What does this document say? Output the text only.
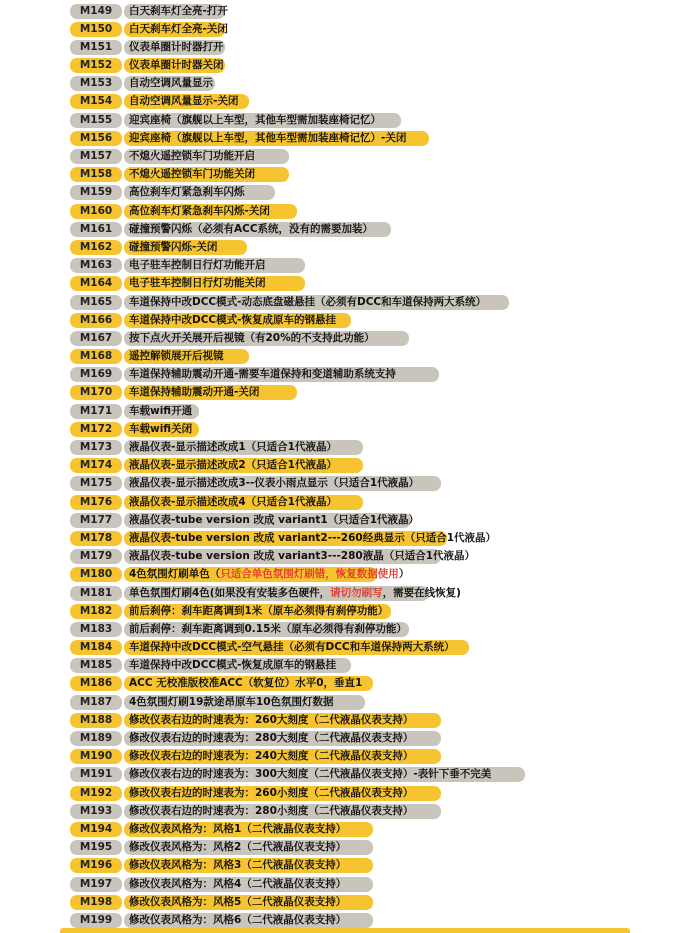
M149	白天刹车灯全亮-打开
M150	白天刹车灯全亮-关闭
M151	仪表单圈计时器打开
M152	仪表单圈计时器关闭
M153	自动空调风量显示
M154	自动空调风量显示-关闭
M155	迎宾座椅（旗舰以上车型，其他车型需加装座椅记忆）
M156	迎宾座椅（旗舰以上车型，其他车型需加装座椅记忆）-关闭
M157	不熄火遥控锁车门功能开启
M158	不熄火遥控锁车门功能关闭
M159	高位刹车灯紧急刹车闪烁
M160	高位刹车灯紧急刹车闪烁-关闭
M161	碰撞预警闪烁（必须有ACC系统，没有的需要加装）
M162	碰撞预警闪烁-关闭
M163	电子驻车控制日行灯功能开启
M164	电子驻车控制日行灯功能关闭
M165	车道保持中改DCC模式-动态底盘磁悬挂（必须有DCC和车道保持两大系统）
M166	车道保持中改DCC模式-恢复成原车的钢悬挂
M167	按下点火开关展开后视镜（有20%的不支持此功能）
M168	遥控解锁展开后视镜
M169	车道保持辅助震动开通-需要车道保持和变道辅助系统支持
M170	车道保持辅助震动开通-关闭
M171	车载wifi开通
M172	车载wifi关闭
M173	液晶仪表-显示描述改成1（只适合1代液晶）
M174	液晶仪表-显示描述改成2（只适合1代液晶）
M175	液晶仪表-显示描述改成3--仪表小雨点显示（只适合1代液晶）
M176	液晶仪表-显示描述改成4（只适合1代液晶）
M177	液晶仪表-tube version 改成 variant1（只适合1代液晶）
M178	液晶仪表-tube version 改成 variant2---260经典显示（只适合1代液晶）
M179	液晶仪表-tube version 改成 variant3---280液晶（只适合1代液晶）
M180	4色氛围灯刷单色（只适合单色氛围灯刷错，恢复数据使用）
M181	单色氛围灯刷4色(如果没有安装多色硬件，请切勿刷写，需要在线恢复)
M182	前后刹停：刹车距离调到1米（原车必须得有刹停功能）
M183	前后刹停：刹车距离调到0.15米（原车必须得有刹停功能）
M184	车道保持中改DCC模式-空气悬挂（必须有DCC和车道保持两大系统）
M185	车道保持中改DCC模式-恢复成原车的钢悬挂
M186	ACC 无校准版校准ACC（软复位）水平0，垂直1
M187	4色氛围灯刷19款途昂原车10色氛围灯数据
M188	修改仪表右边的时速表为：260大刻度（二代液晶仪表支持）
M189	修改仪表右边的时速表为：280大刻度（二代液晶仪表支持）
M190	修改仪表右边的时速表为：240大刻度（二代液晶仪表支持）
M191	修改仪表右边的时速表为：300大刻度（二代液晶仪表支持）-表针下垂不完美
M192	修改仪表右边的时速表为：260小刻度（二代液晶仪表支持）
M193	修改仪表右边的时速表为：280小刻度（二代液晶仪表支持）
M194	修改仪表风格为：风格1（二代液晶仪表支持）
M195	修改仪表风格为：风格2（二代液晶仪表支持）
M196	修改仪表风格为：风格3（二代液晶仪表支持）
M197	修改仪表风格为：风格4（二代液晶仪表支持）
M198	修改仪表风格为：风格5（二代液晶仪表支持）
M199	修改仪表风格为：风格6（二代液晶仪表支持）
